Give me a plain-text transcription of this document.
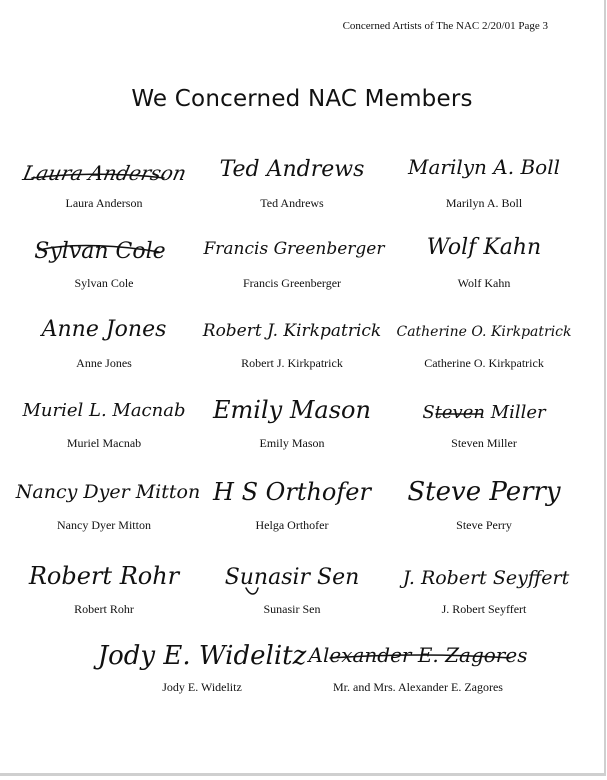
Concerned Artists of The NAC 2/20/01 Page 3
We Concerned NAC Members
Laura Anderson
Laura Anderson
Ted Andrews
Ted Andrews
Marilyn A. Boll
Marilyn A. Boll
Sylvan Cole
Sylvan Cole
Francis Greenberger
Francis Greenberger
Wolf Kahn
Wolf Kahn
Anne Jones
Anne Jones
Robert J. Kirkpatrick
Robert J. Kirkpatrick
Catherine O. Kirkpatrick
Catherine O. Kirkpatrick
Muriel L. Macnab
Muriel Macnab
Emily Mason
Emily Mason
Steven Miller
Steven Miller
Nancy Dyer Mitton
Nancy Dyer Mitton
H S Orthofer
Helga Orthofer
Steve Perry
Steve Perry
Robert Rohr
Robert Rohr
Sunasir Sen
Sunasir Sen
J. Robert Seyffert
J. Robert Seyffert
Jody E. Widelitz
Jody E. Widelitz
Alexander E. Zagores
Mr. and Mrs. Alexander E. Zagores
